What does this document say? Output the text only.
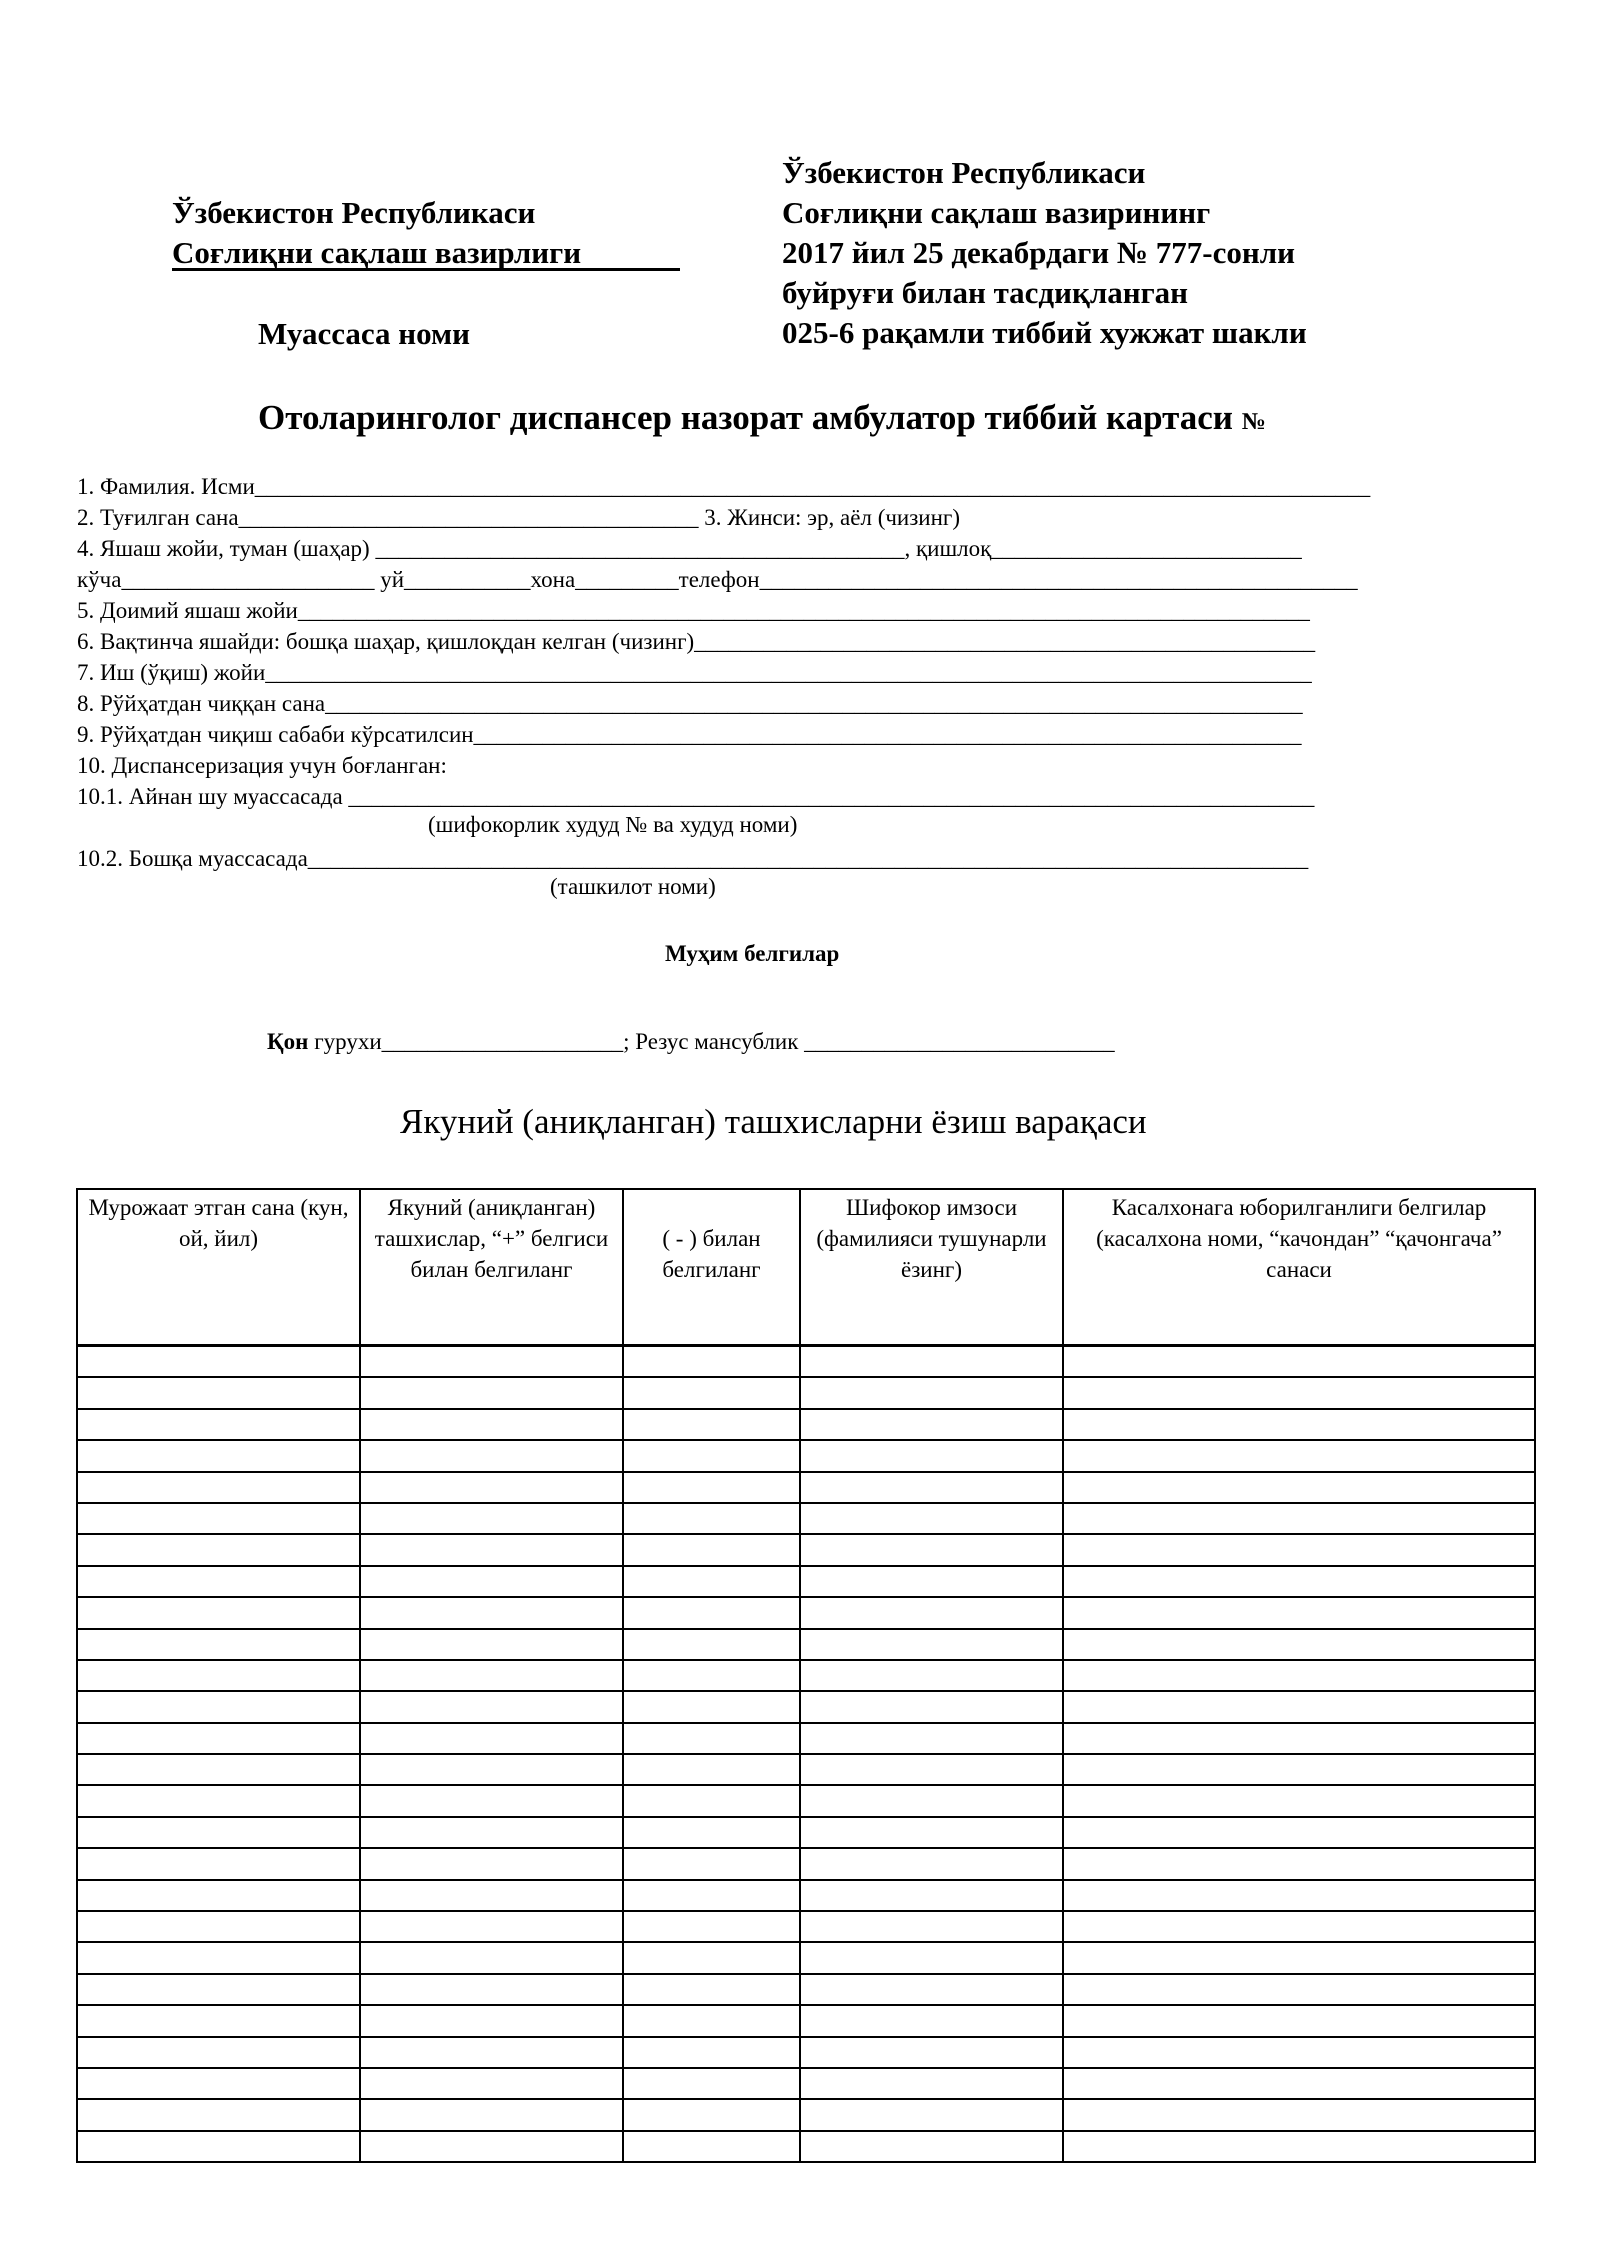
Ўзбекистон Республикаси
Соғлиқни сақлаш вазирлиги
Муассаса номи
Ўзбекистон Республикаси
Соғлиқни сақлаш вазирининг
2017 йил 25 декабрдаги № 777-сонли
буйруғи билан тасдиқланган
025-6 рақамли тиббий хужжат шакли
Отоларинголог диспансер назорат амбулатор тиббий картаси №
1. Фамилия. Исми_________________________________________________________________________________________________
2. Туғилган сана________________________________________ 3. Жинси: эр, аёл (чизинг)
4. Яшаш жойи, туман (шаҳар) ______________________________________________, қишлоқ___________________________
кўча______________________ уй___________хона_________телефон____________________________________________________
5. Доимий яшаш жойи________________________________________________________________________________________
6. Вақтинча яшайди: бошқа шаҳар, қишлоқдан келган (чизинг)______________________________________________________
7. Иш (ўқиш) жойи___________________________________________________________________________________________
8. Рўйҳатдан чиққан сана_____________________________________________________________________________________
9. Рўйҳатдан чиқиш сабаби кўрсатилсин________________________________________________________________________
10. Диспансеризация учун боғланган:
10.1. Айнан шу муассасада ____________________________________________________________________________________
(шифокорлик худуд № ва худуд номи)
10.2. Бошқа муассасада_______________________________________________________________________________________
(ташкилот номи)
Муҳим белгилар
Қон гурухи_____________________; Резус мансублик ___________________________
Якуний (аниқланган) ташхисларни ёзиш варақаси
Мурожаат этган сана (кун, ой, йил)	Якуний (аниқланган) ташхислар, “+” белгиси билан белгиланг	( - ) билан белгиланг	Шифокор имзоси (фамилияси тушунарли ёзинг)	Касалхонага юборилганлиги белгилар (касалхона номи, “качондан” “қачонгача” санаси
